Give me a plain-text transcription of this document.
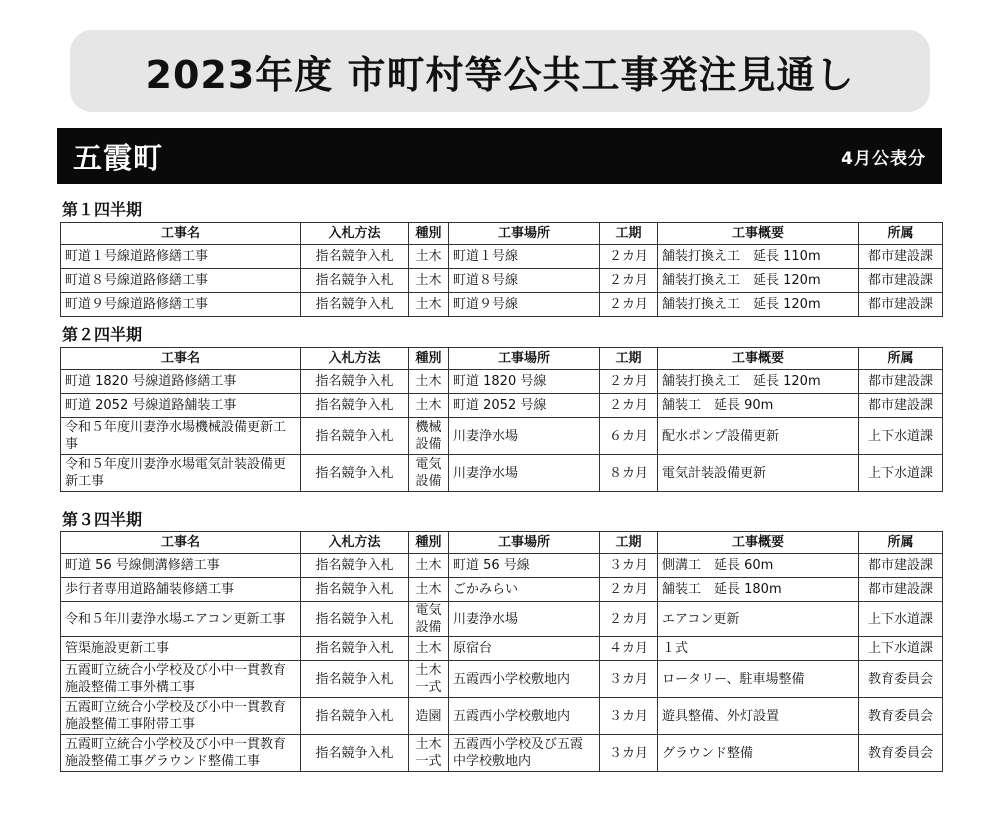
2023年度 市町村等公共工事発注見通し
五霞町	4月公表分
第１四半期
工事名	入札方法	種別	工事場所	工期	工事概要	所属
町道１号線道路修繕工事	指名競争入札	土木	町道１号線	２カ月	舗装打換え工　延長 110m	都市建設課
町道８号線道路修繕工事	指名競争入札	土木	町道８号線	２カ月	舗装打換え工　延長 120m	都市建設課
町道９号線道路修繕工事	指名競争入札	土木	町道９号線	２カ月	舗装打換え工　延長 120m	都市建設課
第２四半期
工事名	入札方法	種別	工事場所	工期	工事概要	所属
町道 1820 号線道路修繕工事	指名競争入札	土木	町道 1820 号線	２カ月	舗装打換え工　延長 120m	都市建設課
町道 2052 号線道路舗装工事	指名競争入札	土木	町道 2052 号線	２カ月	舗装工　延長 90m	都市建設課
令和５年度川妻浄水場機械設備更新工事	指名競争入札	機械設備	川妻浄水場	６カ月	配水ポンプ設備更新	上下水道課
令和５年度川妻浄水場電気計装設備更新工事	指名競争入札	電気設備	川妻浄水場	８カ月	電気計装設備更新	上下水道課
第３四半期
工事名	入札方法	種別	工事場所	工期	工事概要	所属
町道 56 号線側溝修繕工事	指名競争入札	土木	町道 56 号線	３カ月	側溝工　延長 60m	都市建設課
歩行者専用道路舗装修繕工事	指名競争入札	土木	ごかみらい	２カ月	舗装工　延長 180m	都市建設課
令和５年川妻浄水場エアコン更新工事	指名競争入札	電気設備	川妻浄水場	２カ月	エアコン更新	上下水道課
管渠施設更新工事	指名競争入札	土木	原宿台	４カ月	１式	上下水道課
五霞町立統合小学校及び小中一貫教育施設整備工事外構工事	指名競争入札	土木一式	五霞西小学校敷地内	３カ月	ロータリー、駐車場整備	教育委員会
五霞町立統合小学校及び小中一貫教育施設整備工事附帯工事	指名競争入札	造園	五霞西小学校敷地内	３カ月	遊具整備、外灯設置	教育委員会
五霞町立統合小学校及び小中一貫教育施設整備工事グラウンド整備工事	指名競争入札	土木一式	五霞西小学校及び五霞中学校敷地内	３カ月	グラウンド整備	教育委員会
